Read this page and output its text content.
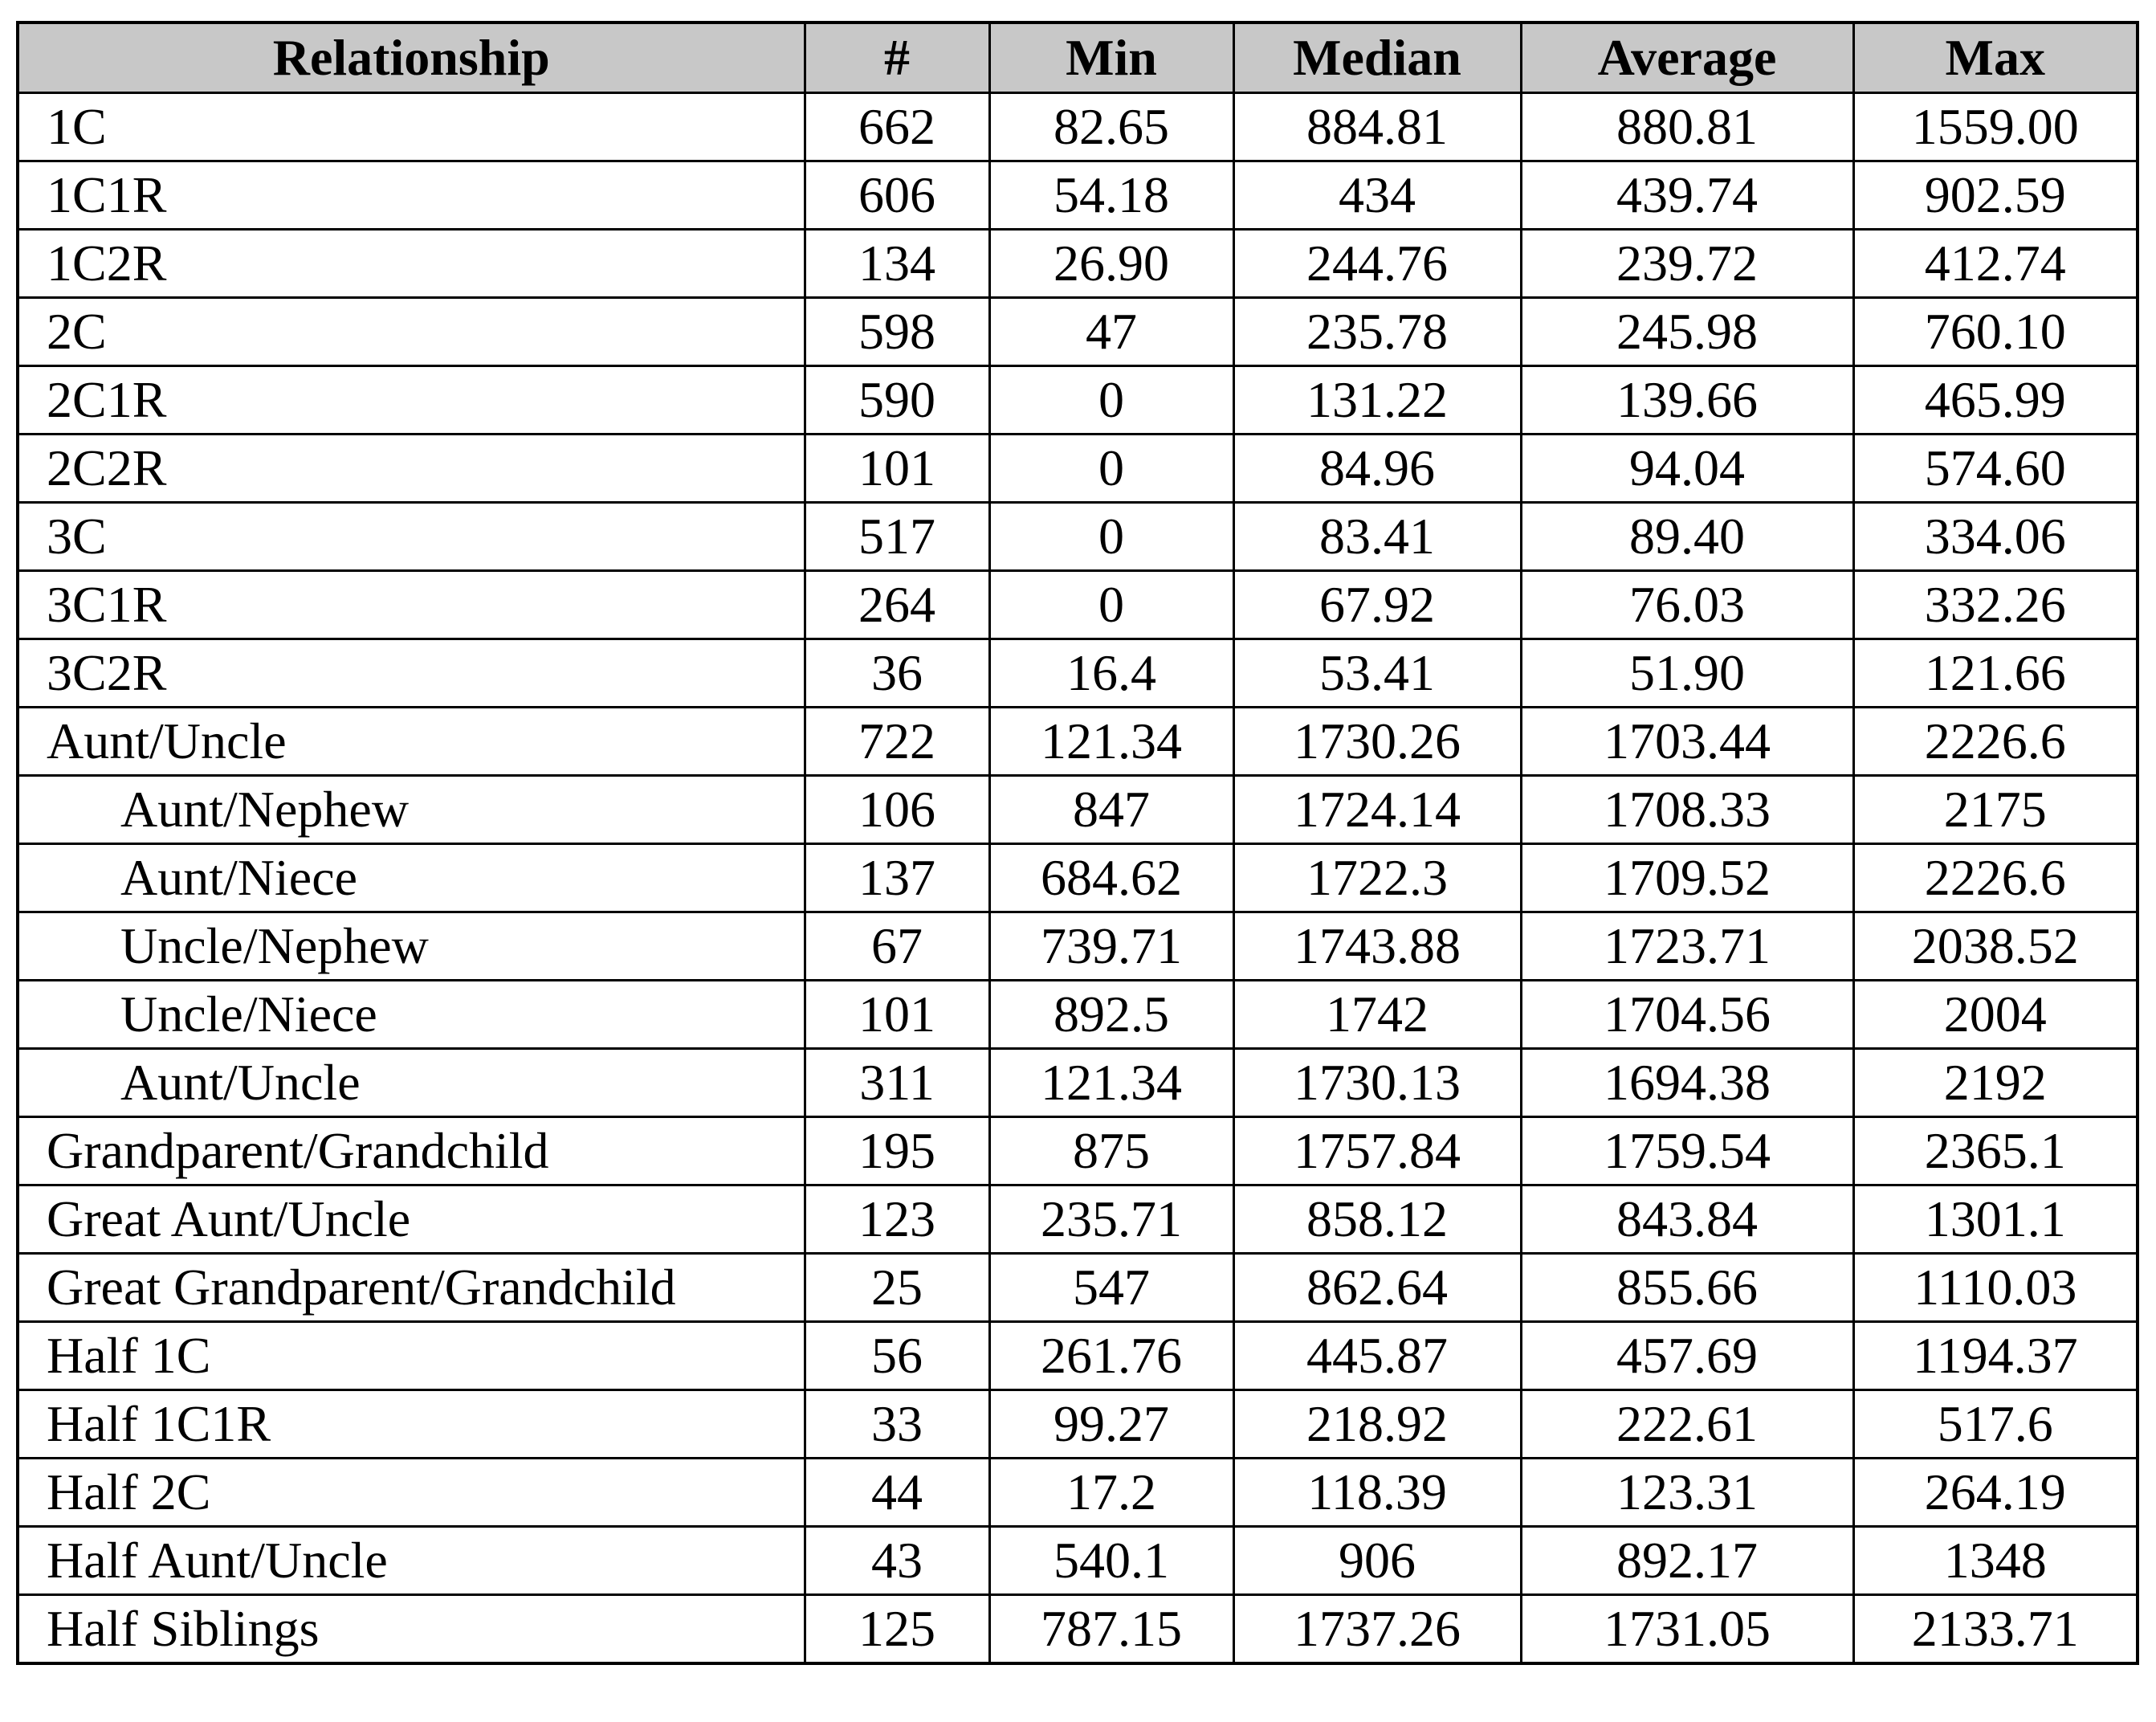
Relationship	#	Min	Median	Average	Max
1C	662	82.65	884.81	880.81	1559.00
1C1R	606	54.18	434	439.74	902.59
1C2R	134	26.90	244.76	239.72	412.74
2C	598	47	235.78	245.98	760.10
2C1R	590	0	131.22	139.66	465.99
2C2R	101	0	84.96	94.04	574.60
3C	517	0	83.41	89.40	334.06
3C1R	264	0	67.92	76.03	332.26
3C2R	36	16.4	53.41	51.90	121.66
Aunt/Uncle	722	121.34	1730.26	1703.44	2226.6
Aunt/Nephew	106	847	1724.14	1708.33	2175
Aunt/Niece	137	684.62	1722.3	1709.52	2226.6
Uncle/Nephew	67	739.71	1743.88	1723.71	2038.52
Uncle/Niece	101	892.5	1742	1704.56	2004
Aunt/Uncle	311	121.34	1730.13	1694.38	2192
Grandparent/Grandchild	195	875	1757.84	1759.54	2365.1
Great Aunt/Uncle	123	235.71	858.12	843.84	1301.1
Great Grandparent/Grandchild	25	547	862.64	855.66	1110.03
Half 1C	56	261.76	445.87	457.69	1194.37
Half 1C1R	33	99.27	218.92	222.61	517.6
Half 2C	44	17.2	118.39	123.31	264.19
Half Aunt/Uncle	43	540.1	906	892.17	1348
Half Siblings	125	787.15	1737.26	1731.05	2133.71
